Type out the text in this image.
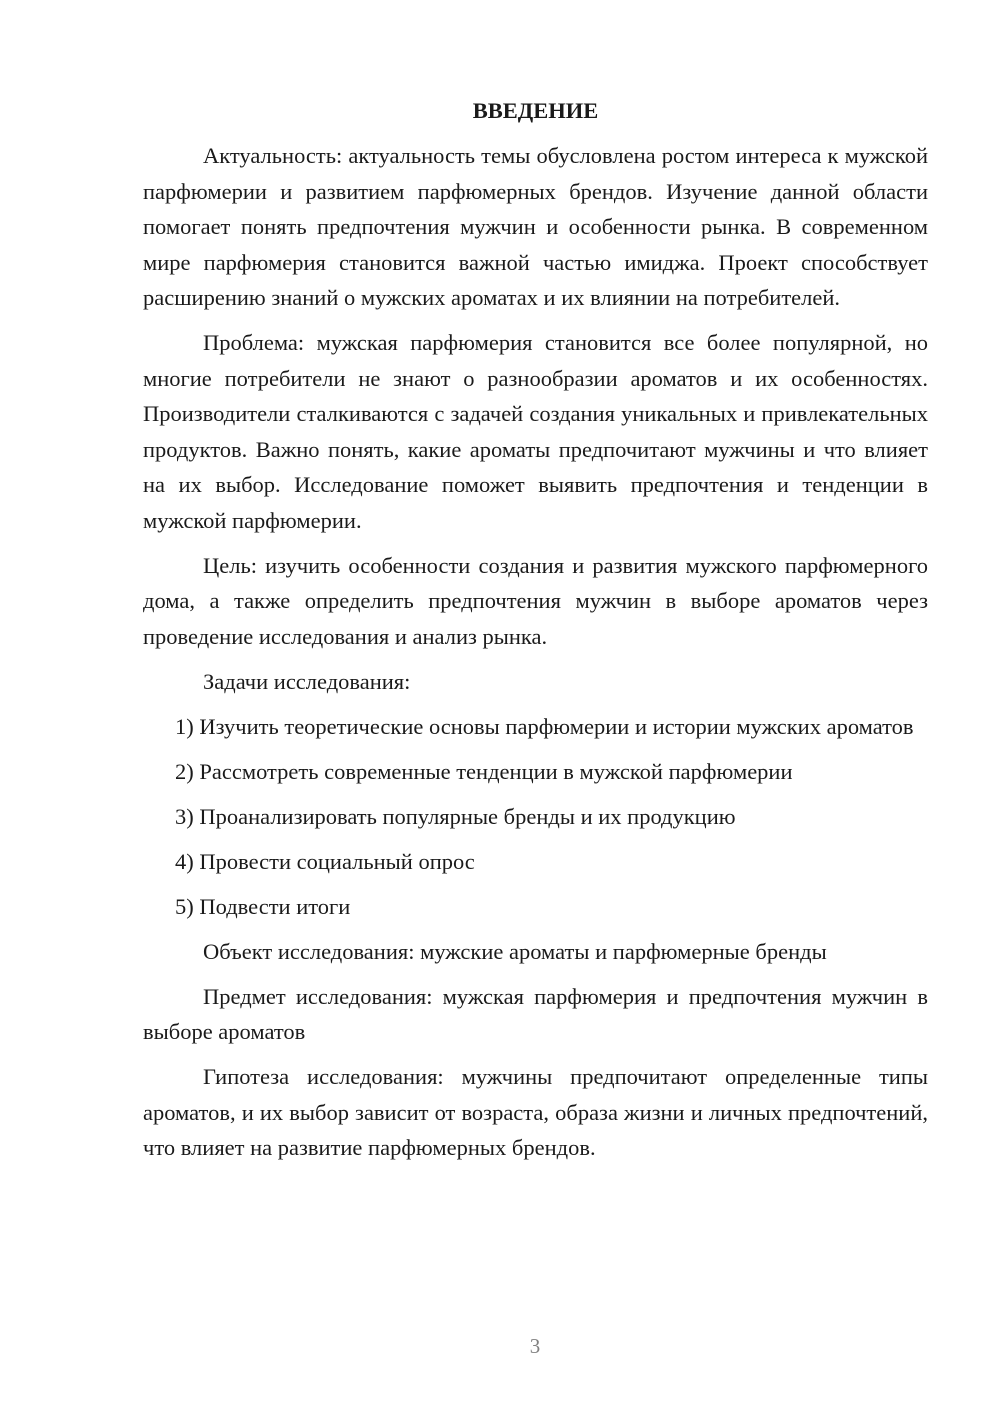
ВВЕДЕНИЕ

Актуальность: актуальность темы обусловлена ростом интереса к мужской парфюмерии и развитием парфюмерных брендов. Изучение данной области помогает понять предпочтения мужчин и особенности рынка. В современном мире парфюмерия становится важной частью имиджа. Проект способствует расширению знаний о мужских ароматах и их влиянии на потребителей.

Проблема: мужская парфюмерия становится все более популярной, но многие потребители не знают о разнообразии ароматов и их особенностях. Производители сталкиваются с задачей создания уникальных и привлекательных продуктов. Важно понять, какие ароматы предпочитают мужчины и что влияет на их выбор. Исследование поможет выявить предпочтения и тенденции в мужской парфюмерии.

Цель: изучить особенности создания и развития мужского парфюмерного дома, а также определить предпочтения мужчин в выборе ароматов через проведение исследования и анализ рынка.

Задачи исследования:

1) Изучить теоретические основы парфюмерии и истории мужских ароматов

2) Рассмотреть современные тенденции в мужской парфюмерии

3) Проанализировать популярные бренды и их продукцию

4) Провести социальный опрос

5) Подвести итоги

Объект исследования: мужские ароматы и парфюмерные бренды

Предмет исследования: мужская парфюмерия и предпочтения мужчин в выборе ароматов

Гипотеза исследования: мужчины предпочитают определенные типы ароматов, и их выбор зависит от возраста, образа жизни и личных предпочтений, что влияет на развитие парфюмерных брендов.

3
